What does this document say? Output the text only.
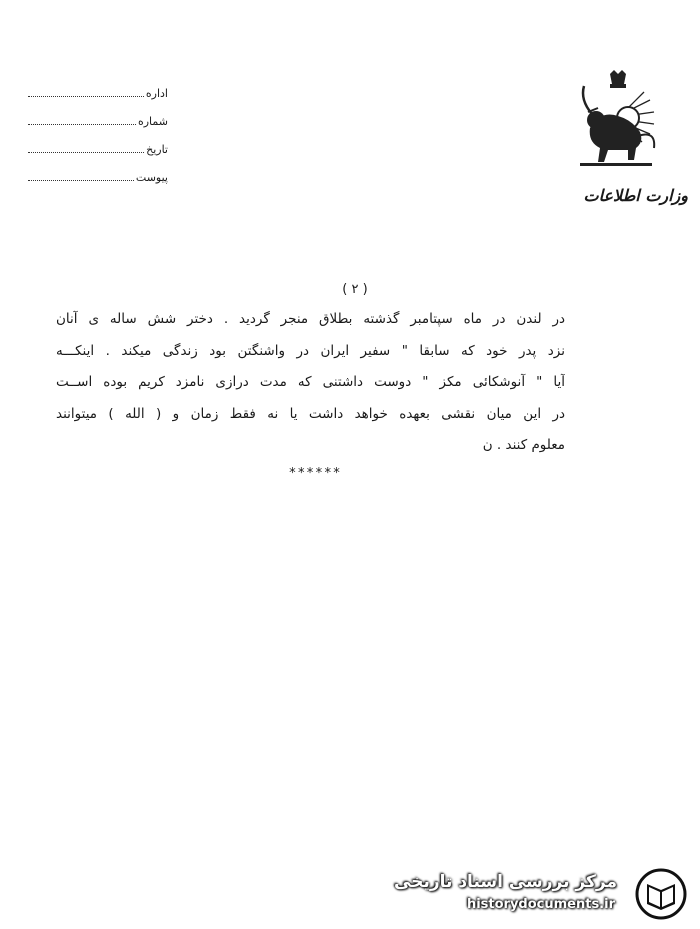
اداره
شماره
تاریخ
پیوست
وزارت اطلاعات
( ٢ )
در لندن در ماه سپتامبر گذشته بطلاق منجر گردید . دختر شش ساله ی آنان
نزد پدر خود که سابقا " سفیر ایران در واشنگتن بود زندگی میکند . اینکـــه
آیا " آنوشکائی مکز " دوست داشتنی که مدت درازی نامزد کریم بوده اســت
در این میان نقشی بعهده خواهد داشت یا نه فقط زمان و ( الله ) میتوانند
معلوم کنند . ن
******
مرکز بررسی اسناد تاریخی
historydocuments.ir
